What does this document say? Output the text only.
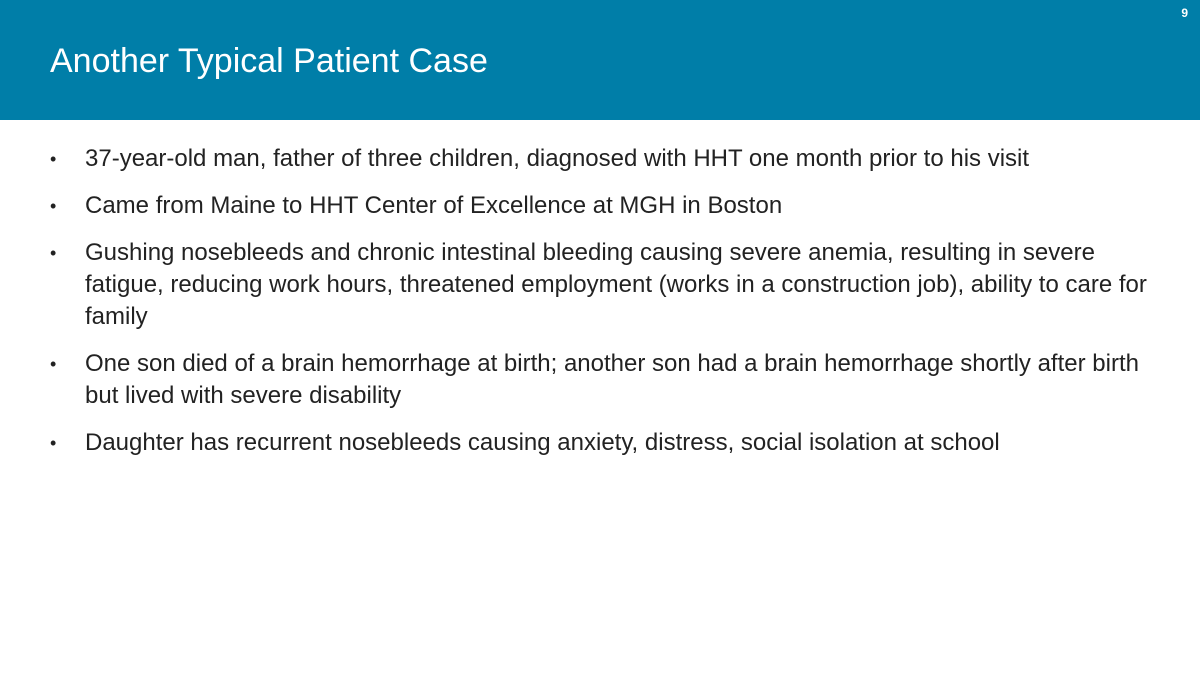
Another Typical Patient Case
9
•	37-year-old man, father of three children, diagnosed with HHT one month prior to his visit
•	Came from Maine to HHT Center of Excellence at MGH in Boston
•	Gushing nosebleeds and chronic intestinal bleeding causing severe anemia, resulting in severe fatigue, reducing work hours, threatened employment (works in a construction job), ability to care for family
•	One son died of a brain hemorrhage at birth; another son had a brain hemorrhage shortly after birth but lived with severe disability
•	Daughter has recurrent nosebleeds causing anxiety, distress, social isolation at school
